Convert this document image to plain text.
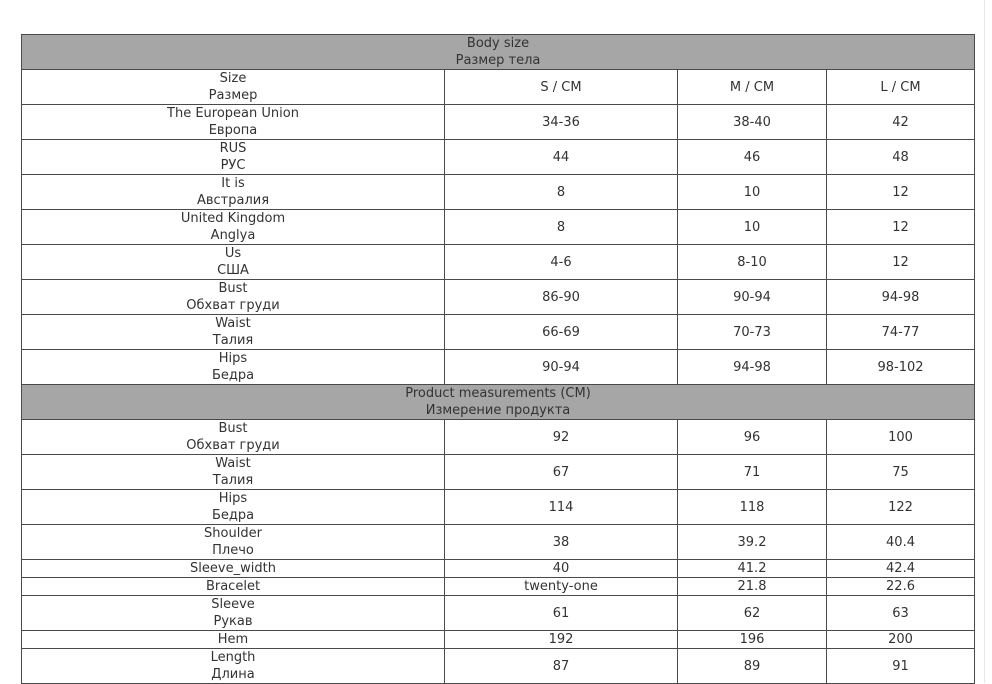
Body size
Размер тела			

Size
Размер	S / CM	M / CM	L / CM

The European Union
Европа	34-36	38-40	42

RUS
РУС	44	46	48

It is
Австралия	8	10	12

United Kingdom
Anglya	8	10	12

Us
США	4-6	8-10	12

Bust
Обхват груди	86-90	90-94	94-98

Waist
Талия	66-69	70-73	74-77

Hips
Бедра	90-94	94-98	98-102

Product measurements (CM)
Измерение продукта			

Bust
Обхват груди	92	96	100

Waist
Талия	67	71	75

Hips
Бедра	114	118	122

Shoulder
Плечо	38	39.2	40.4

Sleeve_width	40	41.2	42.4

Bracelet	twenty-one	21.8	22.6

Sleeve
Рукав	61	62	63

Hem	192	196	200

Length
Длина	87	89	91
